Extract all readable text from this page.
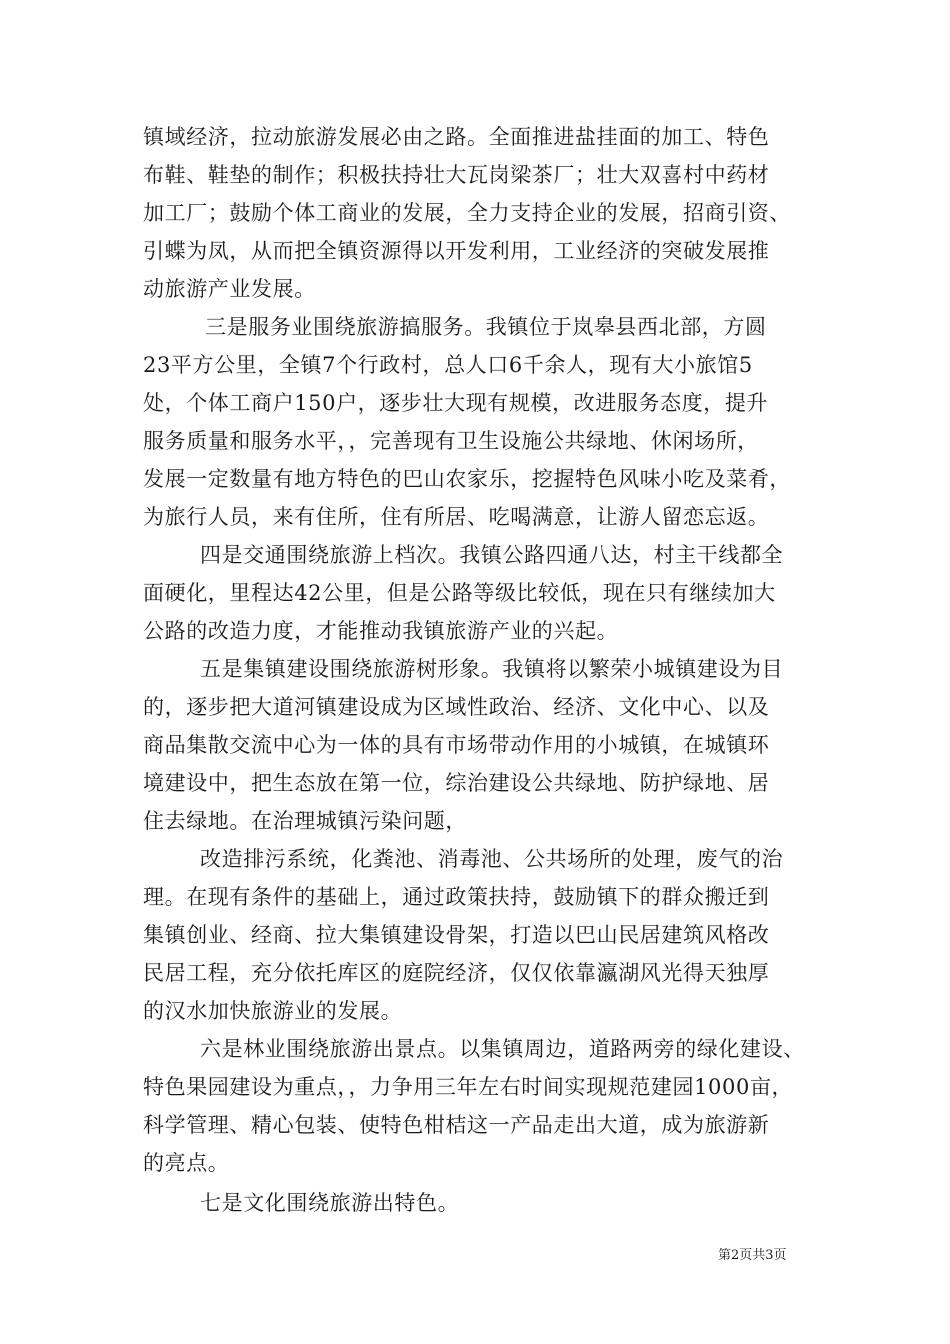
镇域经济，拉动旅游发展必由之路。全面推进盐挂面的加工、特色
布鞋、鞋垫的制作；积极扶持壮大瓦岗梁茶厂；壮大双喜村中药材
加工厂；鼓励个体工商业的发展，全力支持企业的发展，招商引资、
引蝶为凤，从而把全镇资源得以开发利用，工业经济的突破发展推
动旅游产业发展。
三是服务业围绕旅游搞服务。我镇位于岚皋县西北部，方圆
23平方公里，全镇7个行政村，总人口6千余人，现有大小旅馆5
处，个体工商户150户，逐步壮大现有规模，改进服务态度，提升
服务质量和服务水平，，完善现有卫生设施公共绿地、休闲场所，
发展一定数量有地方特色的巴山农家乐，挖握特色风味小吃及菜肴，
为旅行人员，来有住所，住有所居、吃喝满意，让游人留恋忘返。
四是交通围绕旅游上档次。我镇公路四通八达，村主干线都全
面硬化，里程达42公里，但是公路等级比较低，现在只有继续加大
公路的改造力度，才能推动我镇旅游产业的兴起。
五是集镇建设围绕旅游树形象。我镇将以繁荣小城镇建设为目
的，逐步把大道河镇建设成为区域性政治、经济、文化中心、以及
商品集散交流中心为一体的具有市场带动作用的小城镇，在城镇环
境建设中，把生态放在第一位，综治建设公共绿地、防护绿地、居
住去绿地。在治理城镇污染问题，
改造排污系统，化粪池、消毒池、公共场所的处理，废气的治
理。在现有条件的基础上，通过政策扶持，鼓励镇下的群众搬迁到
集镇创业、经商、拉大集镇建设骨架，打造以巴山民居建筑风格改
民居工程，充分依托库区的庭院经济，仅仅依靠瀛湖风光得天独厚
的汉水加快旅游业的发展。
六是林业围绕旅游出景点。以集镇周边，道路两旁的绿化建设、
特色果园建设为重点，，力争用三年左右时间实现规范建园1000亩，
科学管理、精心包装、使特色柑桔这一产品走出大道，成为旅游新
的亮点。
七是文化围绕旅游出特色。
第2页共3页
